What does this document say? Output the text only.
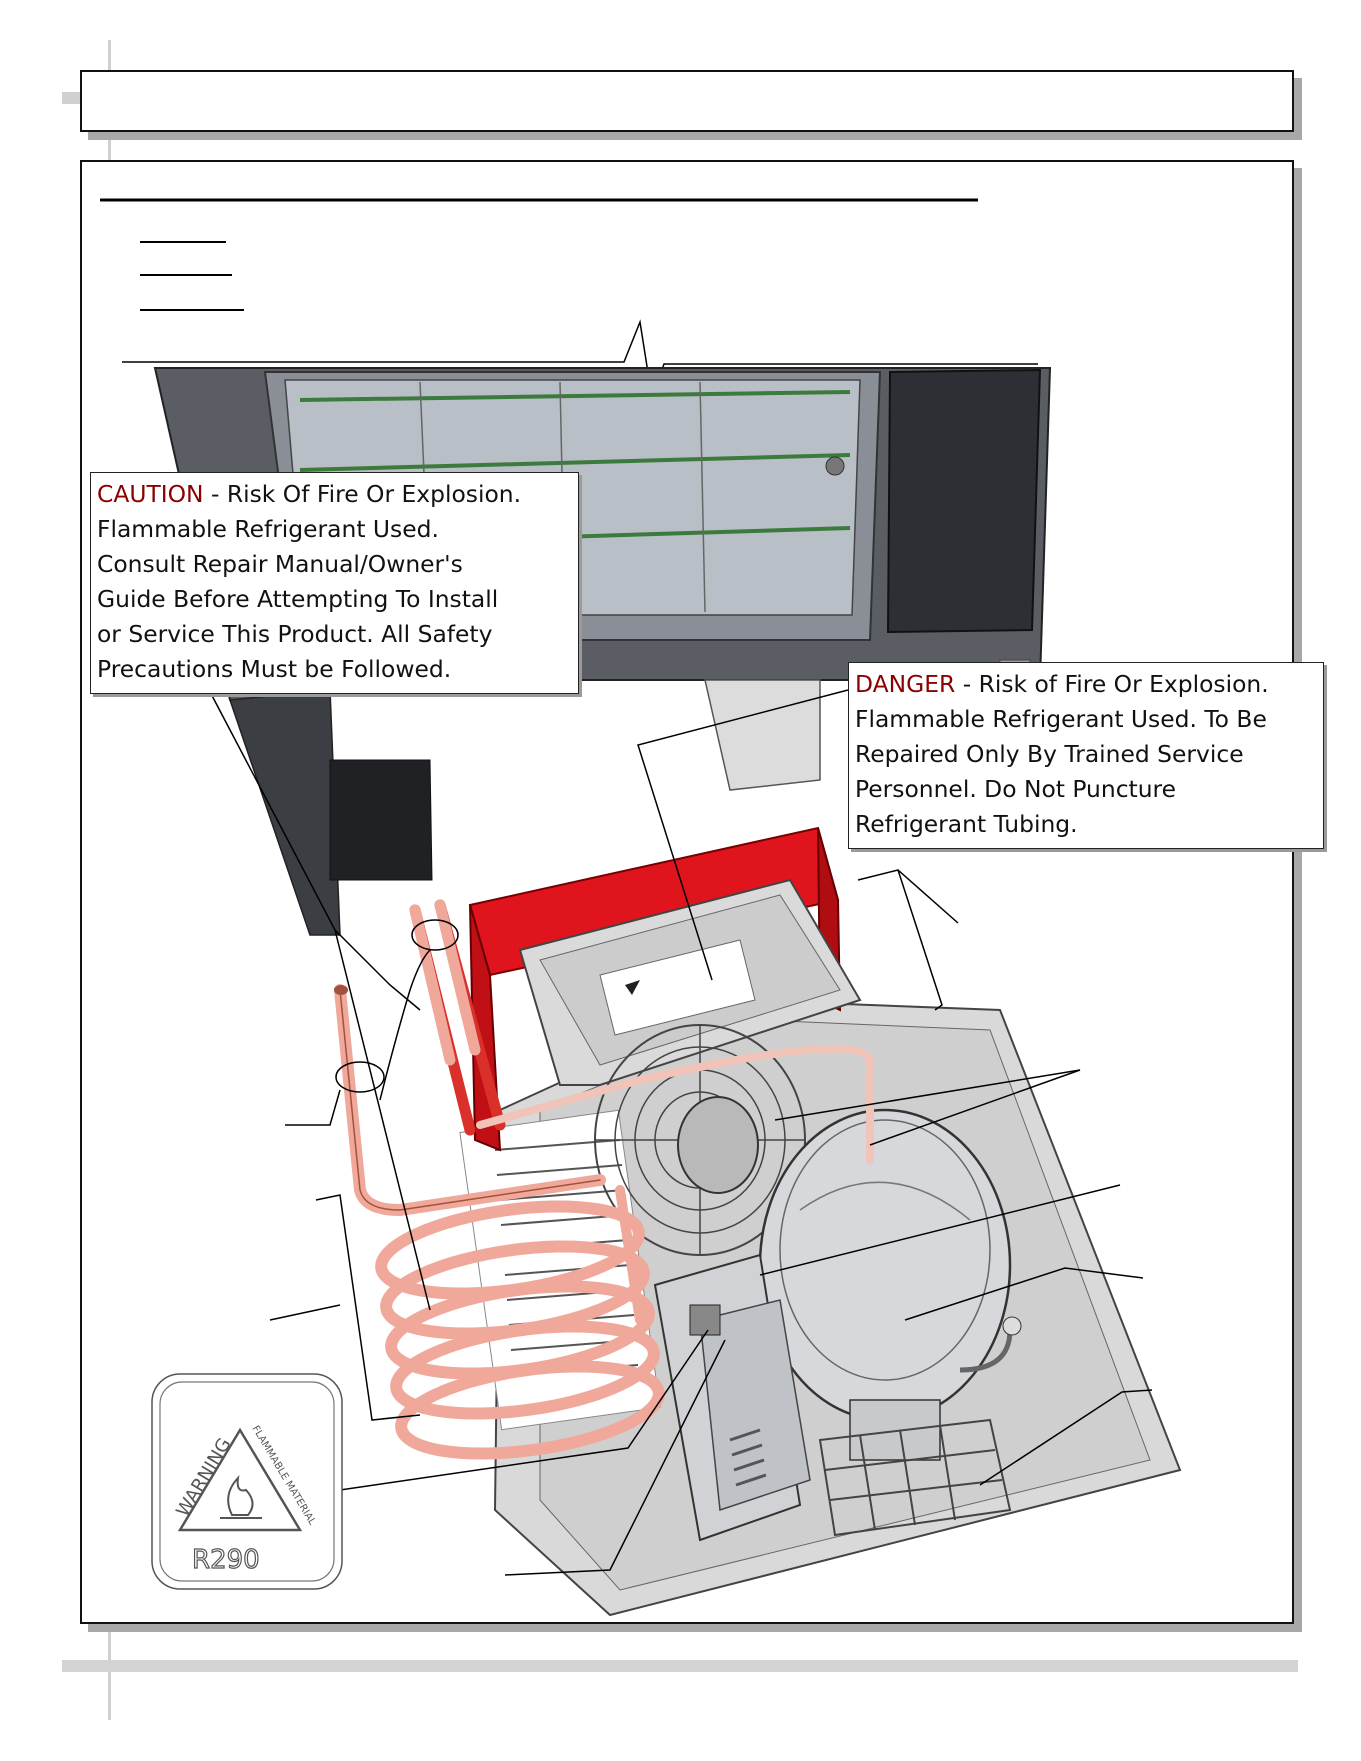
WARNING FLAMMABLE MATERIAL
R290

CAUTION - Risk Of Fire Or Explosion.

Flammable Refrigerant Used.

Consult Repair Manual/Owner's

Guide Before Attempting To Install

or Service This Product. All Safety

Precautions Must be Followed.

DANGER - Risk of Fire Or Explosion.

Flammable Refrigerant Used. To Be

Repaired Only By Trained Service

Personnel. Do Not Puncture

Refrigerant Tubing.
